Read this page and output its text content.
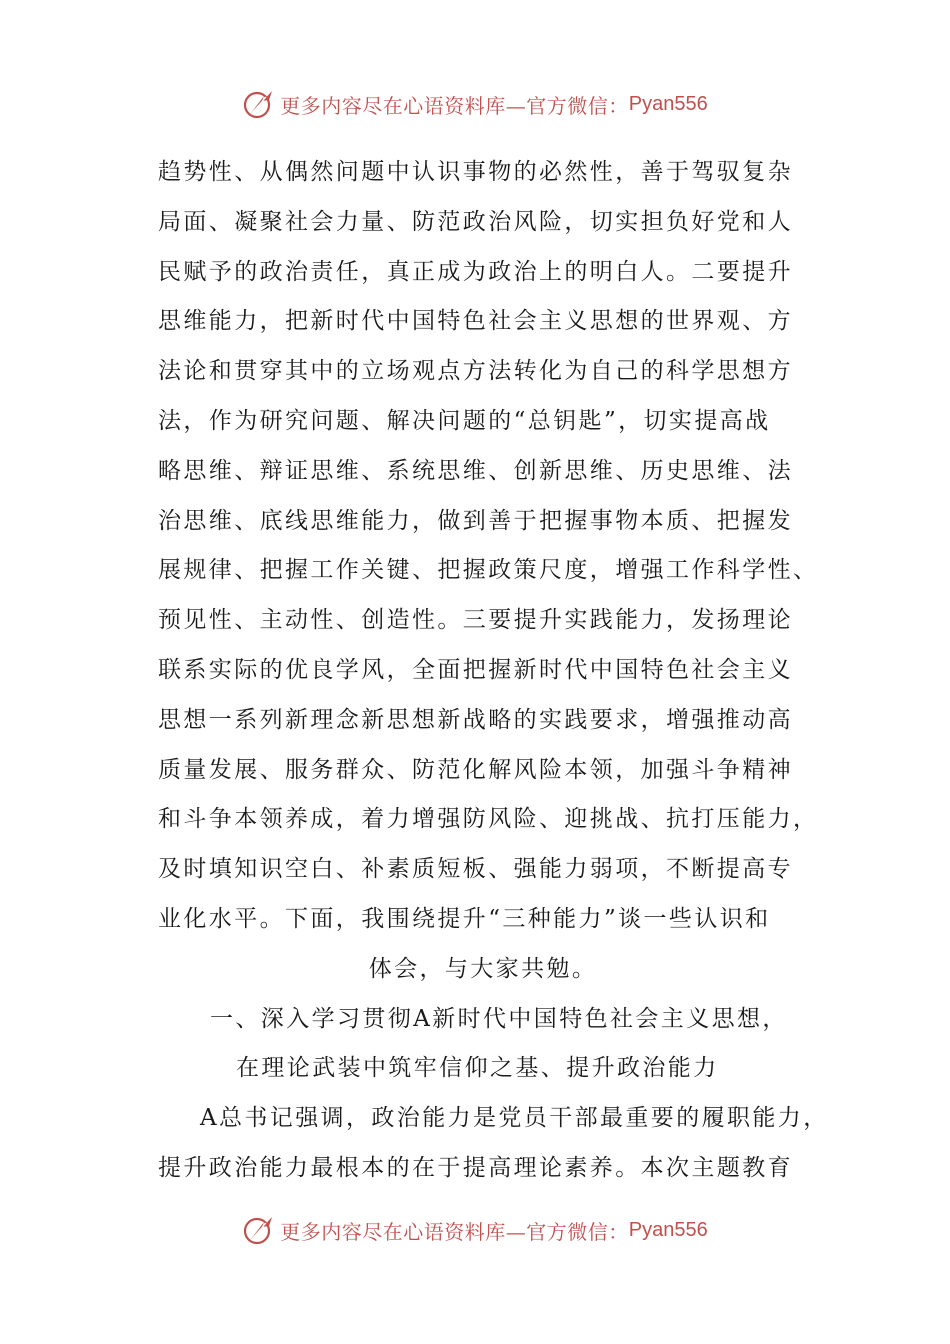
更多内容尽在心语资料库—官方微信： Pyan556
趋势性、从偶然问题中认识事物的必然性，善于驾驭复杂
局面、凝聚社会力量、防范政治风险，切实担负好党和人
民赋予的政治责任，真正成为政治上的明白人。二要提升
思维能力，把新时代中国特色社会主义思想的世界观、方
法论和贯穿其中的立场观点方法转化为自己的科学思想方
法，作为研究问题、解决问题的“总钥匙”，切实提高战
略思维、辩证思维、系统思维、创新思维、历史思维、法
治思维、底线思维能力，做到善于把握事物本质、把握发
展规律、把握工作关键、把握政策尺度，增强工作科学性、
预见性、主动性、创造性。三要提升实践能力，发扬理论
联系实际的优良学风，全面把握新时代中国特色社会主义
思想一系列新理念新思想新战略的实践要求，增强推动高
质量发展、服务群众、防范化解风险本领，加强斗争精神
和斗争本领养成，着力增强防风险、迎挑战、抗打压能力，
及时填知识空白、补素质短板、强能力弱项，不断提高专
业化水平。下面，我围绕提升“三种能力”谈一些认识和
体会，与大家共勉。
一、深入学习贯彻A新时代中国特色社会主义思想，
在理论武装中筑牢信仰之基、提升政治能力
A总书记强调，政治能力是党员干部最重要的履职能力，
提升政治能力最根本的在于提高理论素养。本次主题教育
更多内容尽在心语资料库—官方微信： Pyan556
